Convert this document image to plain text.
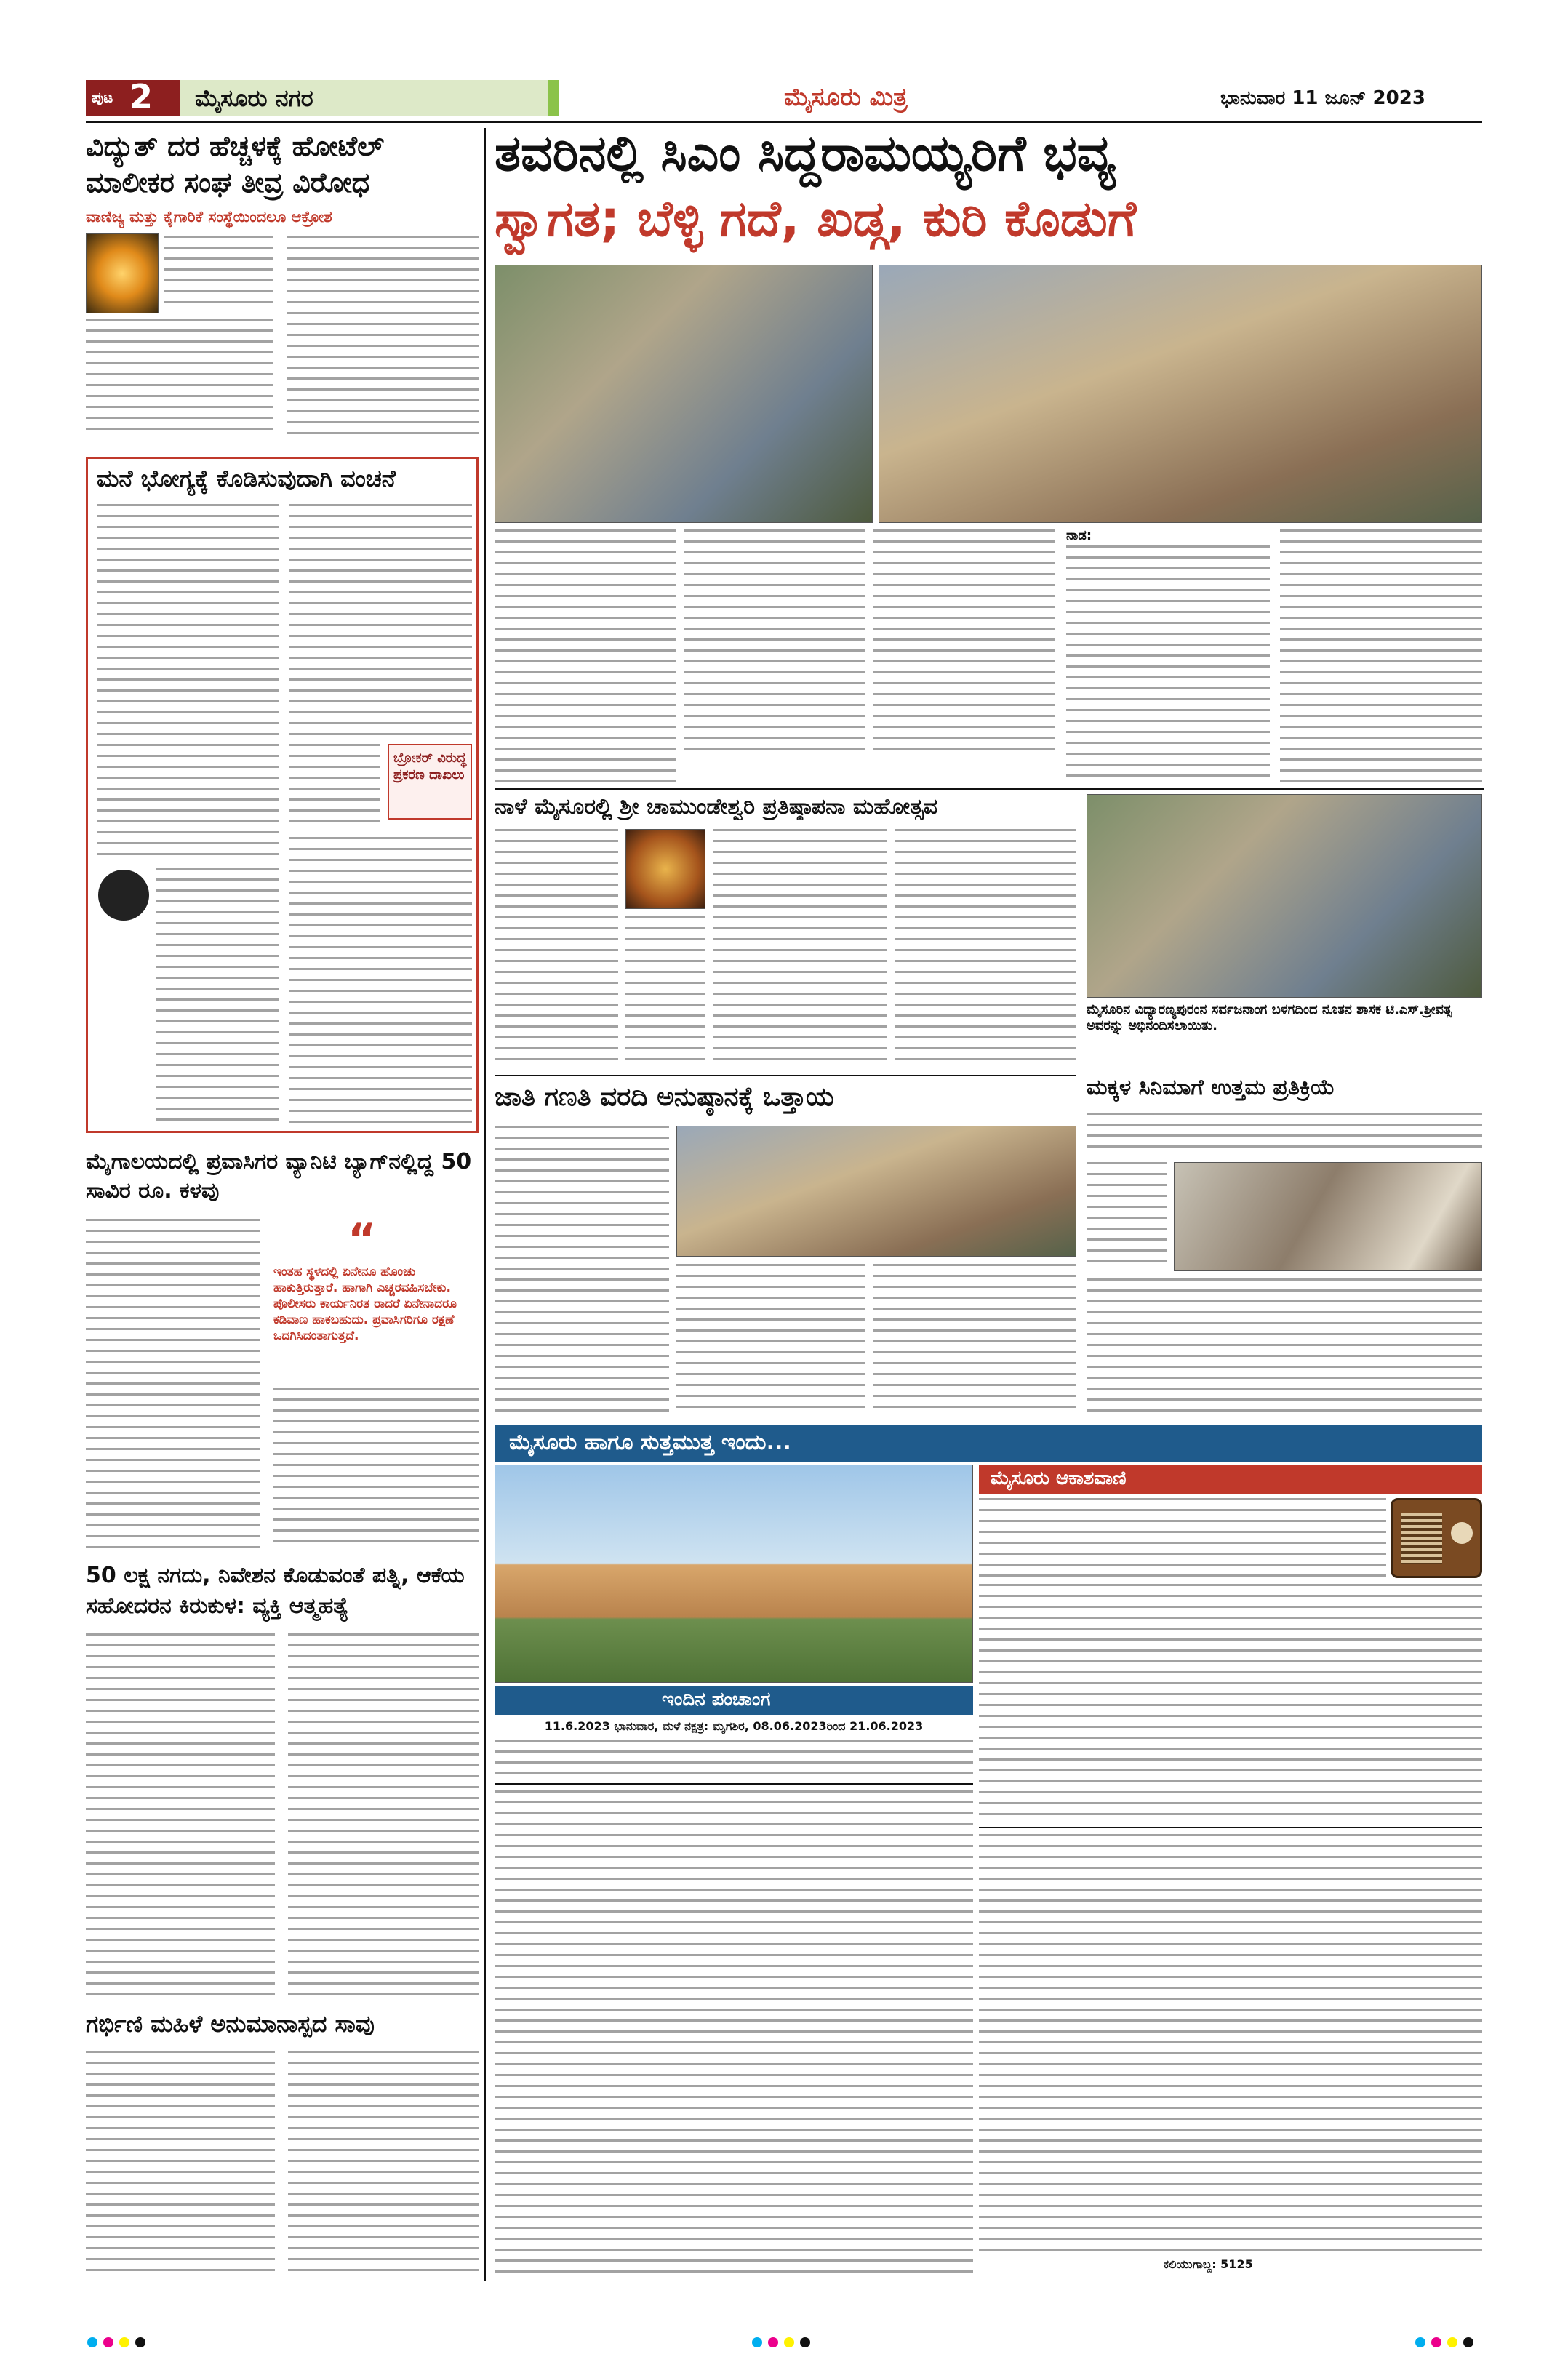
ಪುಟ 2 ಮೈಸೂರು ನಗರ	ಮೈಸೂರು ಮಿತ್ರ	ಭಾನುವಾರ 11 ಜೂನ್ 2023
ವಿದ್ಯುತ್ ದರ ಹೆಚ್ಚಳಕ್ಕೆ ಹೋಟೆಲ್ ಮಾಲೀಕರ ಸಂಘ ತೀವ್ರ ವಿರೋಧ
ವಾಣಿಜ್ಯ ಮತ್ತು ಕೈಗಾರಿಕೆ ಸಂಸ್ಥೆಯಿಂದಲೂ ಆಕ್ರೋಶ
ಮನೆ ಭೋಗ್ಯಕ್ಕೆ ಕೊಡಿಸುವುದಾಗಿ ವಂಚನೆ
ಬ್ರೋಕರ್ ವಿರುದ್ಧ ಪ್ರಕರಣ ದಾಖಲು
ಮೈಗಾಲಯದಲ್ಲಿ ಪ್ರವಾಸಿಗರ ವ್ಯಾನಿಟಿ ಬ್ಯಾಗ್‌ನಲ್ಲಿದ್ದ 50 ಸಾವಿರ ರೂ. ಕಳವು
“
ಇಂತಹ ಸ್ಥಳದಲ್ಲಿ ಏನೇನೂ ಹೊಂಚು ಹಾಕುತ್ತಿರುತ್ತಾರೆ. ಹಾಗಾಗಿ ಎಚ್ಚರವಹಿಸಬೇಕು. ಪೊಲೀಸರು ಕಾರ್ಯನಿರತ ರಾದರೆ ಏನೇನಾದರೂ ಕಡಿವಾಣ ಹಾಕಬಹುದು. ಪ್ರವಾಸಿಗರಿಗೂ ರಕ್ಷಣೆ ಒದಗಿಸಿದಂತಾಗುತ್ತದೆ.
50 ಲಕ್ಷ ನಗದು, ನಿವೇಶನ ಕೊಡುವಂತೆ ಪತ್ನಿ, ಆಕೆಯ ಸಹೋದರನ ಕಿರುಕುಳ: ವ್ಯಕ್ತಿ ಆತ್ಮಹತ್ಯೆ
ಗರ್ಭಿಣಿ ಮಹಿಳೆ ಅನುಮಾನಾಸ್ಪದ ಸಾವು
ತವರಿನಲ್ಲಿ ಸಿಎಂ ಸಿದ್ದರಾಮಯ್ಯರಿಗೆ ಭವ್ಯ
ಸ್ವಾಗತ; ಬೆಳ್ಳಿ ಗದೆ, ಖಡ್ಗ, ಕುರಿ ಕೊಡುಗೆ
ನಾಡ:
ನಾಳೆ ಮೈಸೂರಲ್ಲಿ ಶ್ರೀ ಚಾಮುಂಡೇಶ್ವರಿ ಪ್ರತಿಷ್ಠಾಪನಾ ಮಹೋತ್ಸವ
ಮೈಸೂರಿನ ವಿದ್ಯಾರಣ್ಯಪುರಂನ ಸರ್ವಜನಾಂಗ ಬಳಗದಿಂದ ನೂತನ ಶಾಸಕ ಟಿ.ಎಸ್.ಶ್ರೀವತ್ಸ ಅವರನ್ನು ಅಭಿನಂದಿಸಲಾಯಿತು.
ಜಾತಿ ಗಣತಿ ವರದಿ ಅನುಷ್ಠಾನಕ್ಕೆ ಒತ್ತಾಯ	ಮಕ್ಕಳ ಸಿನಿಮಾಗೆ ಉತ್ತಮ ಪ್ರತಿಕ್ರಿಯೆ
ಮೈಸೂರು ಹಾಗೂ ಸುತ್ತಮುತ್ತ ಇಂದು...
ಇಂದಿನ ಪಂಚಾಂಗ
11.6.2023 ಭಾನುವಾರ, ಮಳೆ ನಕ್ಷತ್ರ: ಮೃಗಶಿರ, 08.06.2023ರಿಂದ 21.06.2023
ಮೈಸೂರು ಆಕಾಶವಾಣಿ
ಕಲಿಯುಗಾಬ್ದ: 5125
